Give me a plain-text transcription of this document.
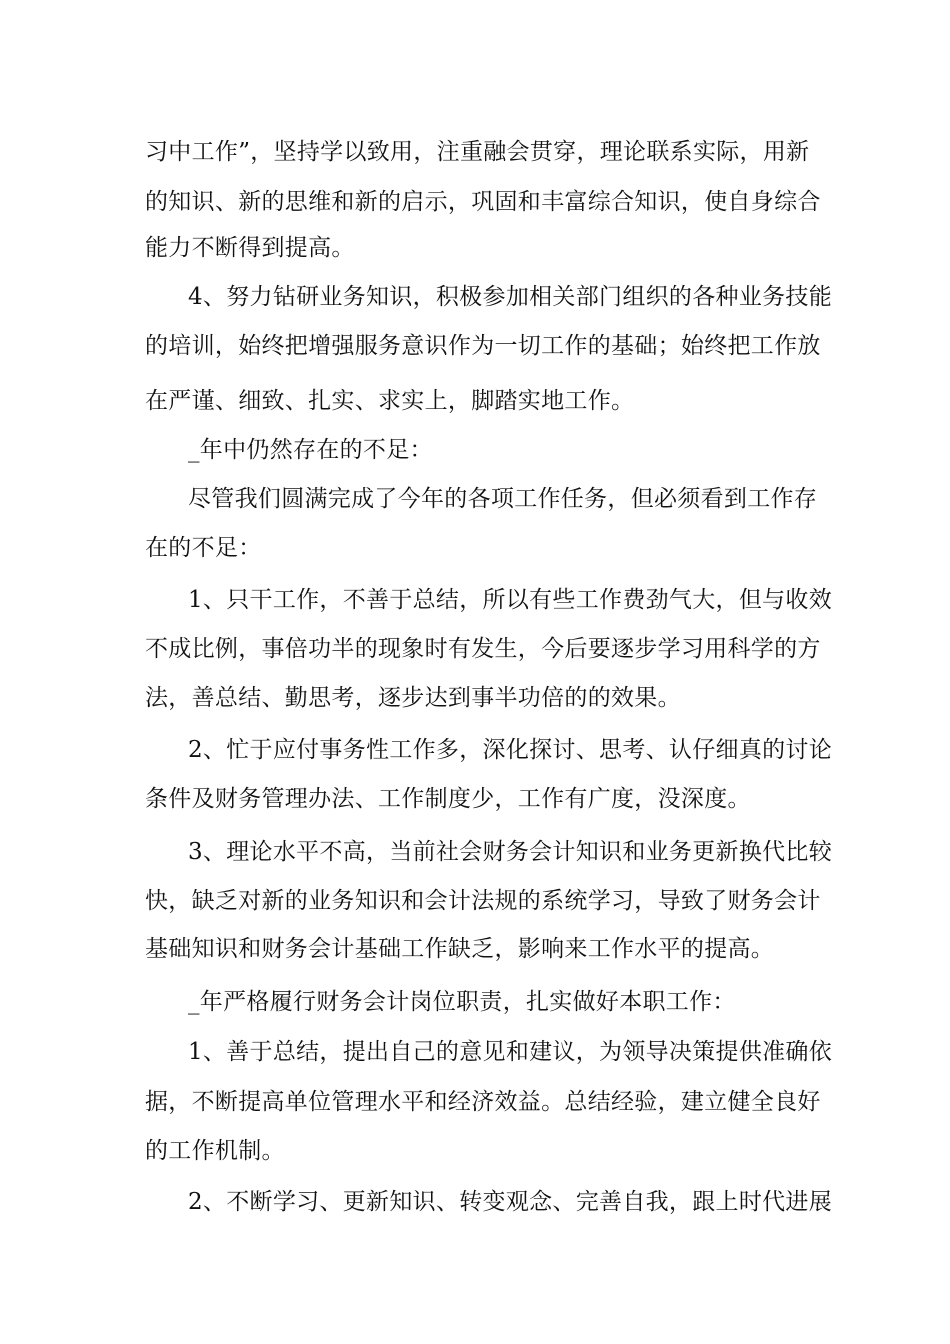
习中工作”，坚持学以致用，注重融会贯穿，理论联系实际，用新
的知识、新的思维和新的启示，巩固和丰富综合知识，使自身综合
能力不断得到提高。
4、努力钻研业务知识，积极参加相关部门组织的各种业务技能
的培训，始终把增强服务意识作为一切工作的基础；始终把工作放
在严谨、细致、扎实、求实上，脚踏实地工作。
_年中仍然存在的不足：
尽管我们圆满完成了今年的各项工作任务，但必须看到工作存
在的不足：
1、只干工作，不善于总结，所以有些工作费劲气大，但与收效
不成比例，事倍功半的现象时有发生，今后要逐步学习用科学的方
法，善总结、勤思考，逐步达到事半功倍的的效果。
2、忙于应付事务性工作多，深化探讨、思考、认仔细真的讨论
条件及财务管理办法、工作制度少，工作有广度，没深度。
3、理论水平不高，当前社会财务会计知识和业务更新换代比较
快，缺乏对新的业务知识和会计法规的系统学习，导致了财务会计
基础知识和财务会计基础工作缺乏，影响来工作水平的提高。
_年严格履行财务会计岗位职责，扎实做好本职工作：
1、善于总结，提出自己的意见和建议，为领导决策提供准确依
据，不断提高单位管理水平和经济效益。总结经验，建立健全良好
的工作机制。
2、不断学习、更新知识、转变观念、完善自我，跟上时代进展
